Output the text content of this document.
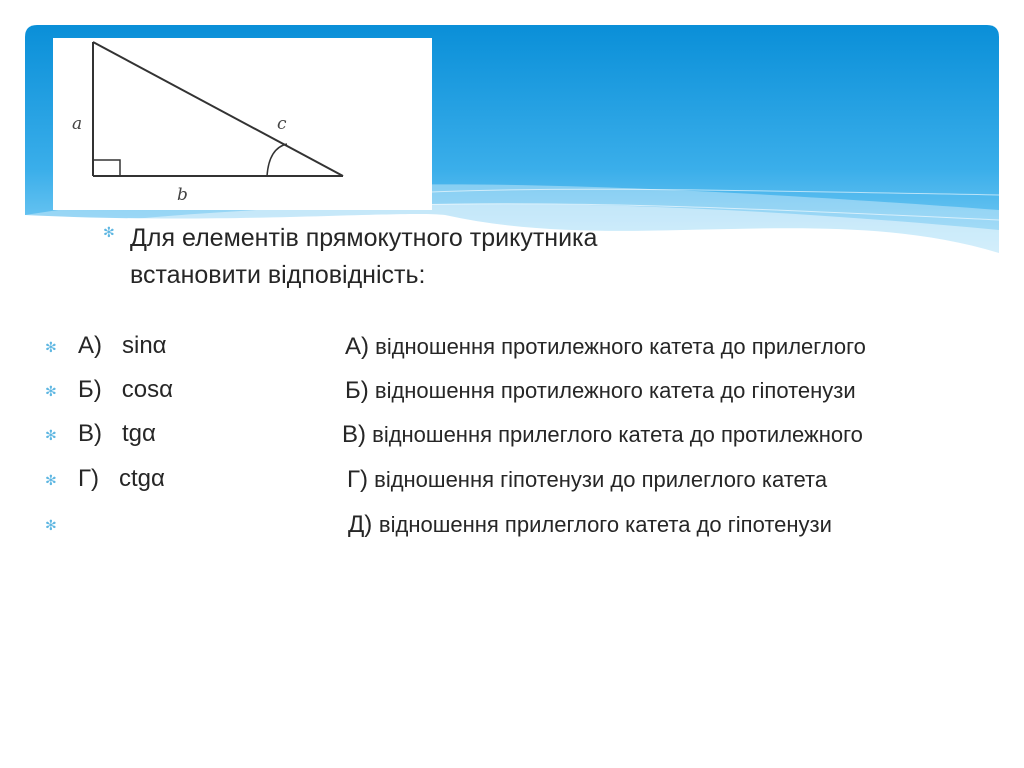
a
b
c
✻ Для елементів прямокутного трикутника
встановити відповідність:
✻ А)   sinα	А) відношення протилежного катета до прилеглого
✻ Б)   cosα	Б) відношення протилежного катета до гіпотенузи
✻ В)   tgα	В) відношення прилеглого катета до протилежного
✻ Г)   ctgα	Г) відношення гіпотенузи до прилеглого катета
✻	Д) відношення прилеглого катета до гіпотенузи
